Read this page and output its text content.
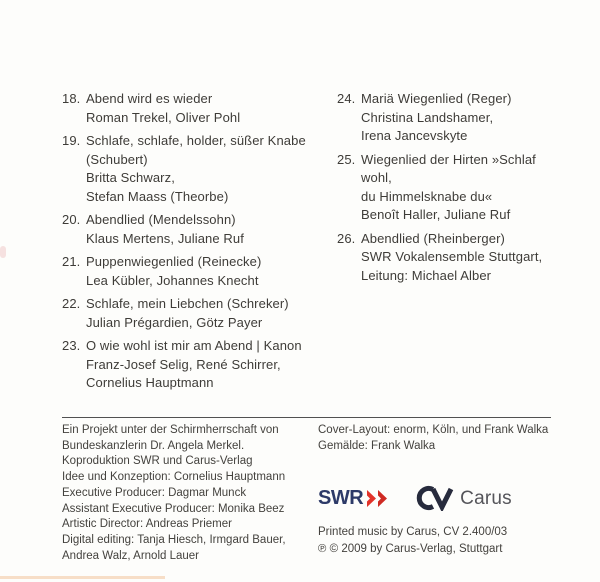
18. Abend wird es wieder
Roman Trekel, Oliver Pohl
19. Schlafe, schlafe, holder, süßer Knabe
(Schubert)
Britta Schwarz,
Stefan Maass (Theorbe)
20. Abendlied (Mendelssohn)
Klaus Mertens, Juliane Ruf
21. Puppenwiegenlied (Reinecke)
Lea Kübler, Johannes Knecht
22. Schlafe, mein Liebchen (Schreker)
Julian Prégardien, Götz Payer
23. O wie wohl ist mir am Abend | Kanon
Franz-Josef Selig, René Schirrer,
Cornelius Hauptmann
24. Mariä Wiegenlied (Reger)
Christina Landshamer,
Irena Jancevskyte
25. Wiegenlied der Hirten »Schlaf wohl,
du Himmelsknabe du«
Benoît Haller, Juliane Ruf
26. Abendlied (Rheinberger)
SWR Vokalensemble Stuttgart,
Leitung: Michael Alber
Ein Projekt unter der Schirmherrschaft von
Bundeskanzlerin Dr. Angela Merkel.
Koproduktion SWR und Carus-Verlag
Idee und Konzeption: Cornelius Hauptmann
Executive Producer: Dagmar Munck
Assistant Executive Producer: Monika Beez
Artistic Director: Andreas Priemer
Digital editing: Tanja Hiesch, Irmgard Bauer,
Andrea Walz, Arnold Lauer
Cover-Layout: enorm, Köln, und Frank Walka
Gemälde: Frank Walka
SWR	Carus
Printed music by Carus, CV 2.400/03
℗ © 2009 by Carus-Verlag, Stuttgart
